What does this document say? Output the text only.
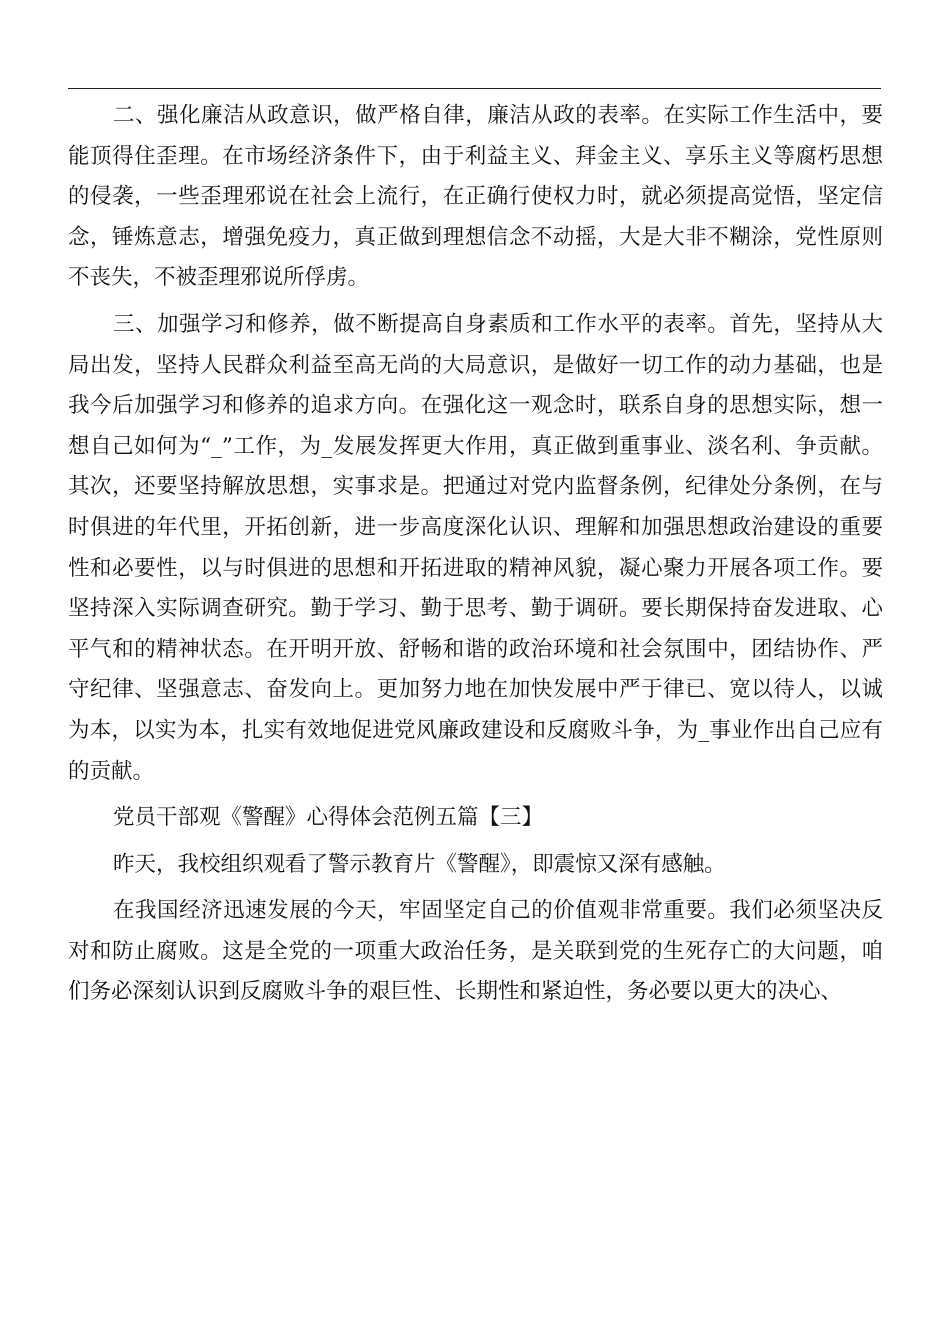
二、强化廉洁从政意识，做严格自律，廉洁从政的表率。在实际工作生活中，要能顶得住歪理。在市场经济条件下，由于利益主义、拜金主义、享乐主义等腐朽思想的侵袭，一些歪理邪说在社会上流行，在正确行使权力时，就必须提高觉悟，坚定信念，锤炼意志，增强免疫力，真正做到理想信念不动摇，大是大非不糊涂，党性原则不丧失，不被歪理邪说所俘虏。

三、加强学习和修养，做不断提高自身素质和工作水平的表率。首先，坚持从大局出发，坚持人民群众利益至高无尚的大局意识，是做好一切工作的动力基础，也是我今后加强学习和修养的追求方向。在强化这一观念时，联系自身的思想实际，想一想自己如何为“_”工作，为_发展发挥更大作用，真正做到重事业、淡名利、争贡献。其次，还要坚持解放思想，实事求是。把通过对党内监督条例，纪律处分条例，在与时俱进的年代里，开拓创新，进一步高度深化认识、理解和加强思想政治建设的重要性和必要性，以与时俱进的思想和开拓进取的精神风貌，凝心聚力开展各项工作。要坚持深入实际调查研究。勤于学习、勤于思考、勤于调研。要长期保持奋发进取、心平气和的精神状态。在开明开放、舒畅和谐的政治环境和社会氛围中，团结协作、严守纪律、坚强意志、奋发向上。更加努力地在加快发展中严于律已、宽以待人，以诚为本，以实为本，扎实有效地促进党风廉政建设和反腐败斗争，为_事业作出自己应有的贡献。

党员干部观《警醒》心得体会范例五篇【三】

昨天，我校组织观看了警示教育片《警醒》，即震惊又深有感触。

在我国经济迅速发展的今天，牢固坚定自己的价值观非常重要。我们必须坚决反对和防止腐败。这是全党的一项重大政治任务，是关联到党的生死存亡的大问题，咱们务必深刻认识到反腐败斗争的艰巨性、长期性和紧迫性，务必要以更大的决心、
